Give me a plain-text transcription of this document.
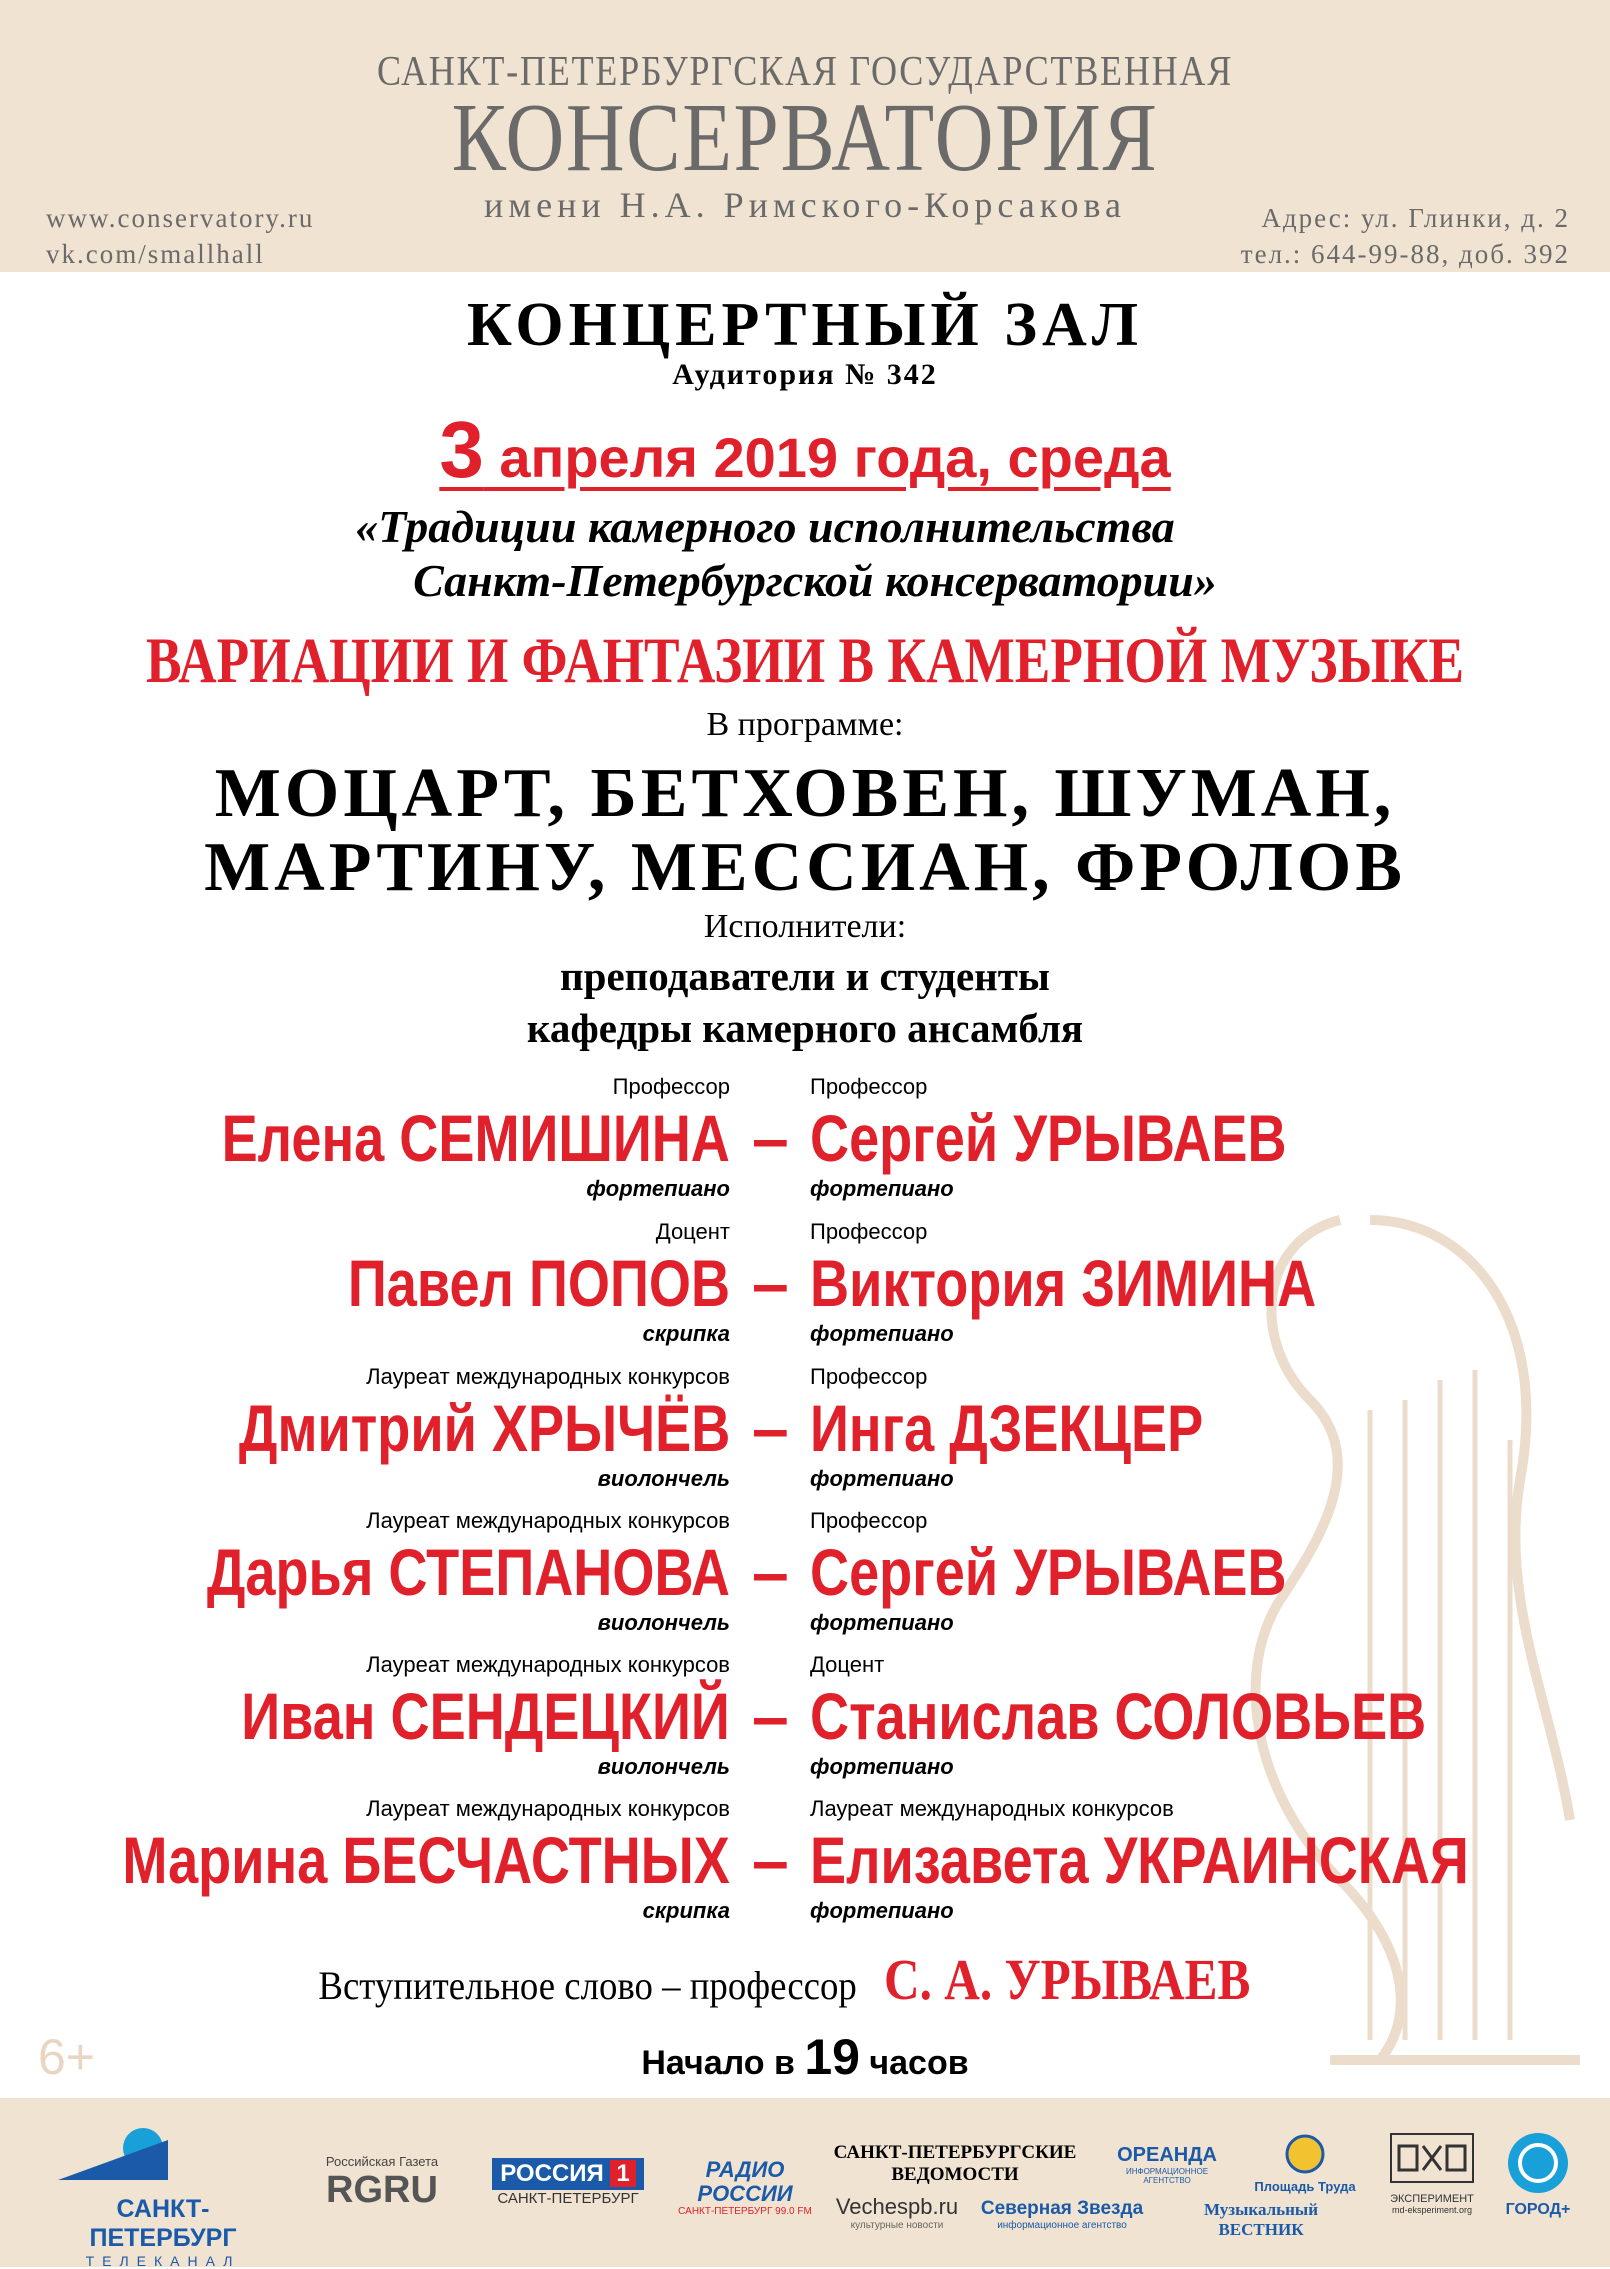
САНКТ-ПЕТЕРБУРГСКАЯ ГОСУДАРСТВЕННАЯ
КОНСЕРВАТОРИЯ
имени Н.А. Римского-Корсакова
www.conservatory.ru
vk.com/smallhall
Адрес: ул. Глинки, д. 2
тел.: 644-99-88, доб. 392
КОНЦЕРТНЫЙ ЗАЛ
Аудитория № 342
3 апреля 2019 года, среда
«Традиции камерного исполнительства
Санкт-Петербургской консерватории»
ВАРИАЦИИ И ФАНТАЗИИ В КАМЕРНОЙ МУЗЫКЕ
В программе:
МОЦАРТ, БЕТХОВЕН, ШУМАН,
МАРТИНУ, МЕССИАН, ФРОЛОВ
Исполнители:
преподаватели и студенты
кафедры камерного ансамбля
Профессор
Елена СЕМИШИНА
фортепиано
–
Профессор
Сергей УРЫВАЕВ
фортепиано
Доцент
Павел ПОПОВ
скрипка
–
Профессор
Виктория ЗИМИНА
фортепиано
Лауреат международных конкурсов
Дмитрий ХРЫЧЁВ
виолончель
–
Профессор
Инга ДЗЕКЦЕР
фортепиано
Лауреат международных конкурсов
Дарья СТЕПАНОВА
виолончель
–
Профессор
Сергей УРЫВАЕВ
фортепиано
Лауреат международных конкурсов
Иван СЕНДЕЦКИЙ
виолончель
–
Доцент
Станислав СОЛОВЬЕВ
фортепиано
Лауреат международных конкурсов
Марина БЕСЧАСТНЫХ
скрипка
–
Лауреат международных конкурсов
Елизавета УКРАИНСКАЯ
фортепиано
Вступительное слово – профессор С. А. УРЫВАЕВ
6+	Начало в 19 часов
САНКТ-ПЕТЕРБУРГ
ТЕЛЕКАНАЛ
Российская Газета
RGRU	РОССИЯ 1
САНКТ-ПЕТЕРБУРГ
РАДИО РОССИИ
САНКТ-ПЕТЕРБУРГ 99.0 FM
САНКТ-ПЕТЕРБУРГСКИЕ ВЕДОМОСТИ
Vechespb.ru
культурные новости
Северная Звезда
информационное агентство
ОРЕАНДА
ИНФОРМАЦИОННОЕ АГЕНТСТВО
Музыкальный ВЕСТНИК
Площадь Труда
ЭКСПЕРИМЕНТ
md-eksperiment.org	ГОРОД+
